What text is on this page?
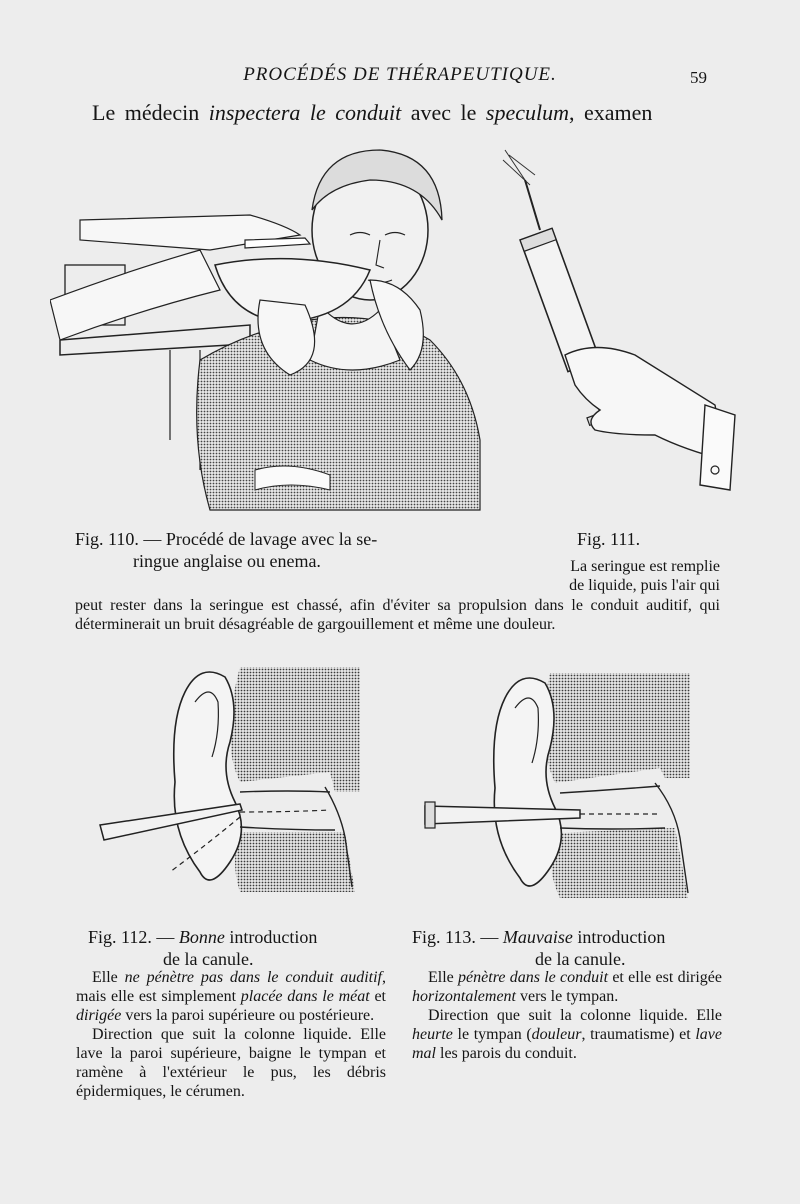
PROCÉDÉS DE THÉRAPEUTIQUE.	59
Le médecin inspectera le conduit avec le speculum, examen
Fig. 110. — Procédé de lavage avec la se-
ringue anglaise ou enema.
Fig. 111.
La seringue est remplie
de liquide, puis l'air qui
peut rester dans la seringue est chassé, afin d'éviter sa propulsion dans le conduit auditif, qui déterminerait un bruit désagréable de gargouillement et même une douleur.
Fig. 112. — Bonne introduction
de la canule.
Fig. 113. — Mauvaise introduction
de la canule.
Elle ne pénètre pas dans le conduit auditif, mais elle est simplement placée dans le méat et dirigée vers la paroi supérieure ou postérieure.
Direction que suit la colonne liquide. Elle lave la paroi supérieure, baigne le tympan et ramène à l'extérieur le pus, les débris épidermiques, le cérumen.
Elle pénètre dans le conduit et elle est dirigée horizontalement vers le tympan.
Direction que suit la colonne liquide. Elle heurte le tympan (douleur, traumatisme) et lave mal les parois du conduit.
